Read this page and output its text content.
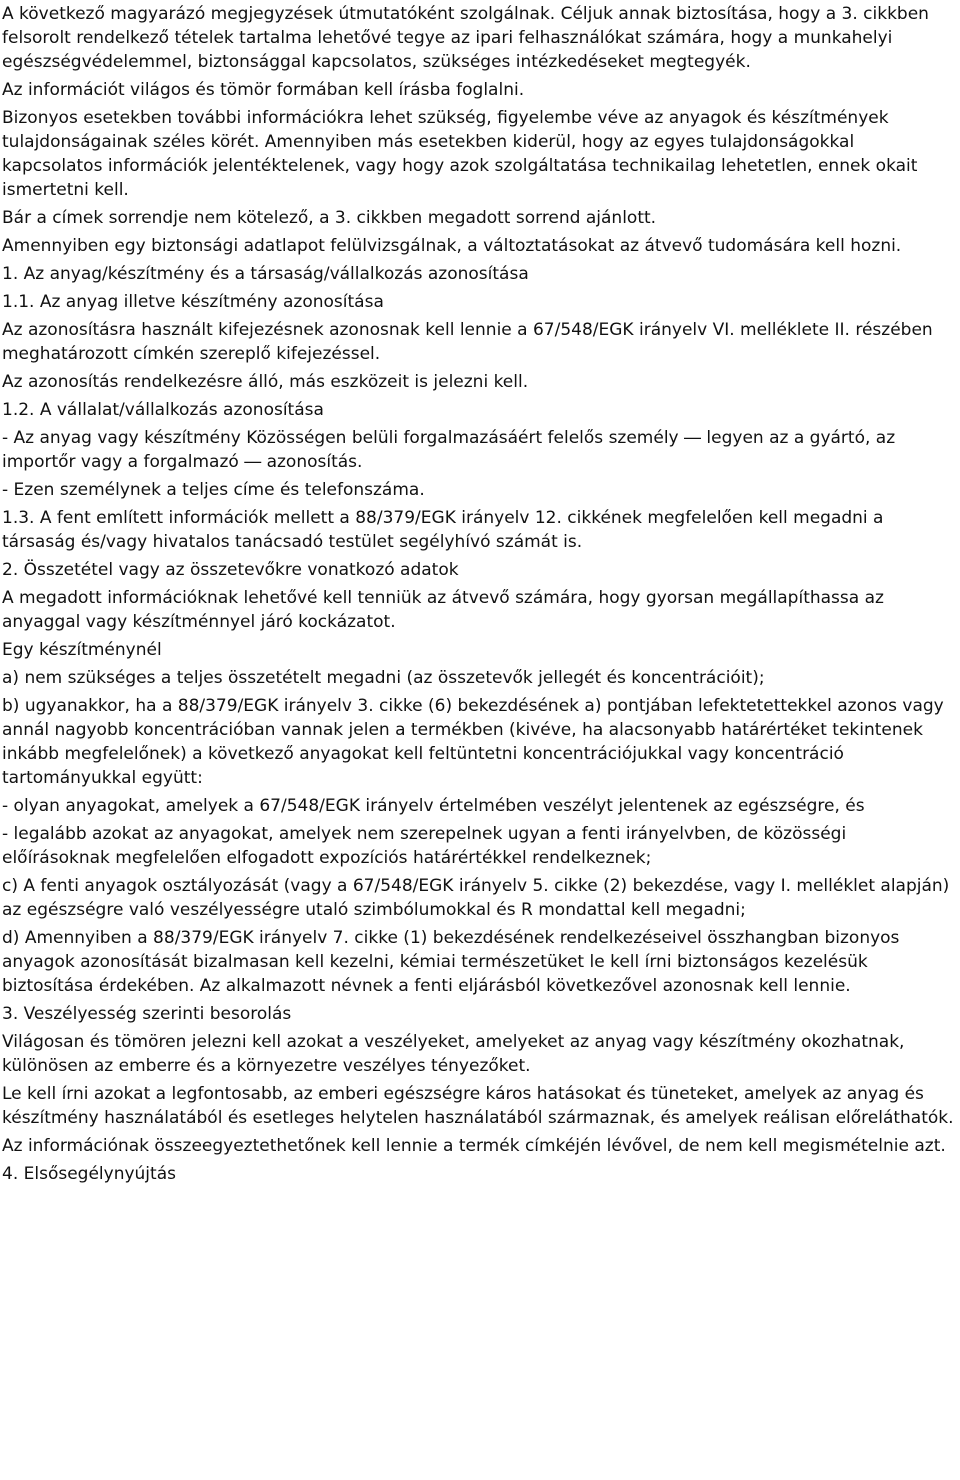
A következő magyarázó megjegyzések útmutatóként szolgálnak. Céljuk annak biztosítása, hogy a 3. cikkben felsorolt rendelkező tételek tartalma lehetővé tegye az ipari felhasználókat számára, hogy a munkahelyi egészségvédelemmel, biztonsággal kapcsolatos, szükséges intézkedéseket megtegyék.

Az információt világos és tömör formában kell írásba foglalni.

Bizonyos esetekben további információkra lehet szükség, figyelembe véve az anyagok és készítmények tulajdonságainak széles körét. Amennyiben más esetekben kiderül, hogy az egyes tulajdonságokkal kapcsolatos információk jelentéktelenek, vagy hogy azok szolgáltatása technikailag lehetetlen, ennek okait ismertetni kell.

Bár a címek sorrendje nem kötelező, a 3. cikkben megadott sorrend ajánlott.

Amennyiben egy biztonsági adatlapot felülvizsgálnak, a változtatásokat az átvevő tudomására kell hozni.

1. Az anyag/készítmény és a társaság/vállalkozás azonosítása

1.1. Az anyag illetve készítmény azonosítása

Az azonosításra használt kifejezésnek azonosnak kell lennie a 67/548/EGK irányelv VI. melléklete II. részében meghatározott címkén szereplő kifejezéssel.

Az azonosítás rendelkezésre álló, más eszközeit is jelezni kell.

1.2. A vállalat/vállalkozás azonosítása

- Az anyag vagy készítmény Közösségen belüli forgalmazásáért felelős személy ― legyen az a gyártó, az importőr vagy a forgalmazó ― azonosítás.

- Ezen személynek a teljes címe és telefonszáma.

1.3. A fent említett információk mellett a 88/379/EGK irányelv 12. cikkének megfelelően kell megadni a társaság és/vagy hivatalos tanácsadó testület segélyhívó számát is.

2. Összetétel vagy az összetevőkre vonatkozó adatok

A megadott információknak lehetővé kell tenniük az átvevő számára, hogy gyorsan megállapíthassa az anyaggal vagy készítménnyel járó kockázatot.

Egy készítménynél

a) nem szükséges a teljes összetételt megadni (az összetevők jellegét és koncentrációit);

b) ugyanakkor, ha a 88/379/EGK irányelv 3. cikke (6) bekezdésének a) pontjában lefektetettekkel azonos vagy annál nagyobb koncentrációban vannak jelen a termékben (kivéve, ha alacsonyabb határértéket tekintenek inkább megfelelőnek) a következő anyagokat kell feltüntetni koncentrációjukkal vagy koncentráció tartományukkal együtt:

- olyan anyagokat, amelyek a 67/548/EGK irányelv értelmében veszélyt jelentenek az egészségre, és

- legalább azokat az anyagokat, amelyek nem szerepelnek ugyan a fenti irányelvben, de közösségi előírásoknak megfelelően elfogadott expozíciós határértékkel rendelkeznek;

c) A fenti anyagok osztályozását (vagy a 67/548/EGK irányelv 5. cikke (2) bekezdése, vagy I. melléklet alapján) az egészségre való veszélyességre utaló szimbólumokkal és R mondattal kell megadni;

d) Amennyiben a 88/379/EGK irányelv 7. cikke (1) bekezdésének rendelkezéseivel összhangban bizonyos anyagok azonosítását bizalmasan kell kezelni, kémiai természetüket le kell írni biztonságos kezelésük biztosítása érdekében. Az alkalmazott névnek a fenti eljárásból következővel azonosnak kell lennie.

3. Veszélyesség szerinti besorolás

Világosan és tömören jelezni kell azokat a veszélyeket, amelyeket az anyag vagy készítmény okozhatnak, különösen az emberre és a környezetre veszélyes tényezőket.

Le kell írni azokat a legfontosabb, az emberi egészségre káros hatásokat és tüneteket, amelyek az anyag és készítmény használatából és esetleges helytelen használatából származnak, és amelyek reálisan előreláthatók.

Az információnak összeegyeztethetőnek kell lennie a termék címkéjén lévővel, de nem kell megismételnie azt.

4. Elsősegélynyújtás
